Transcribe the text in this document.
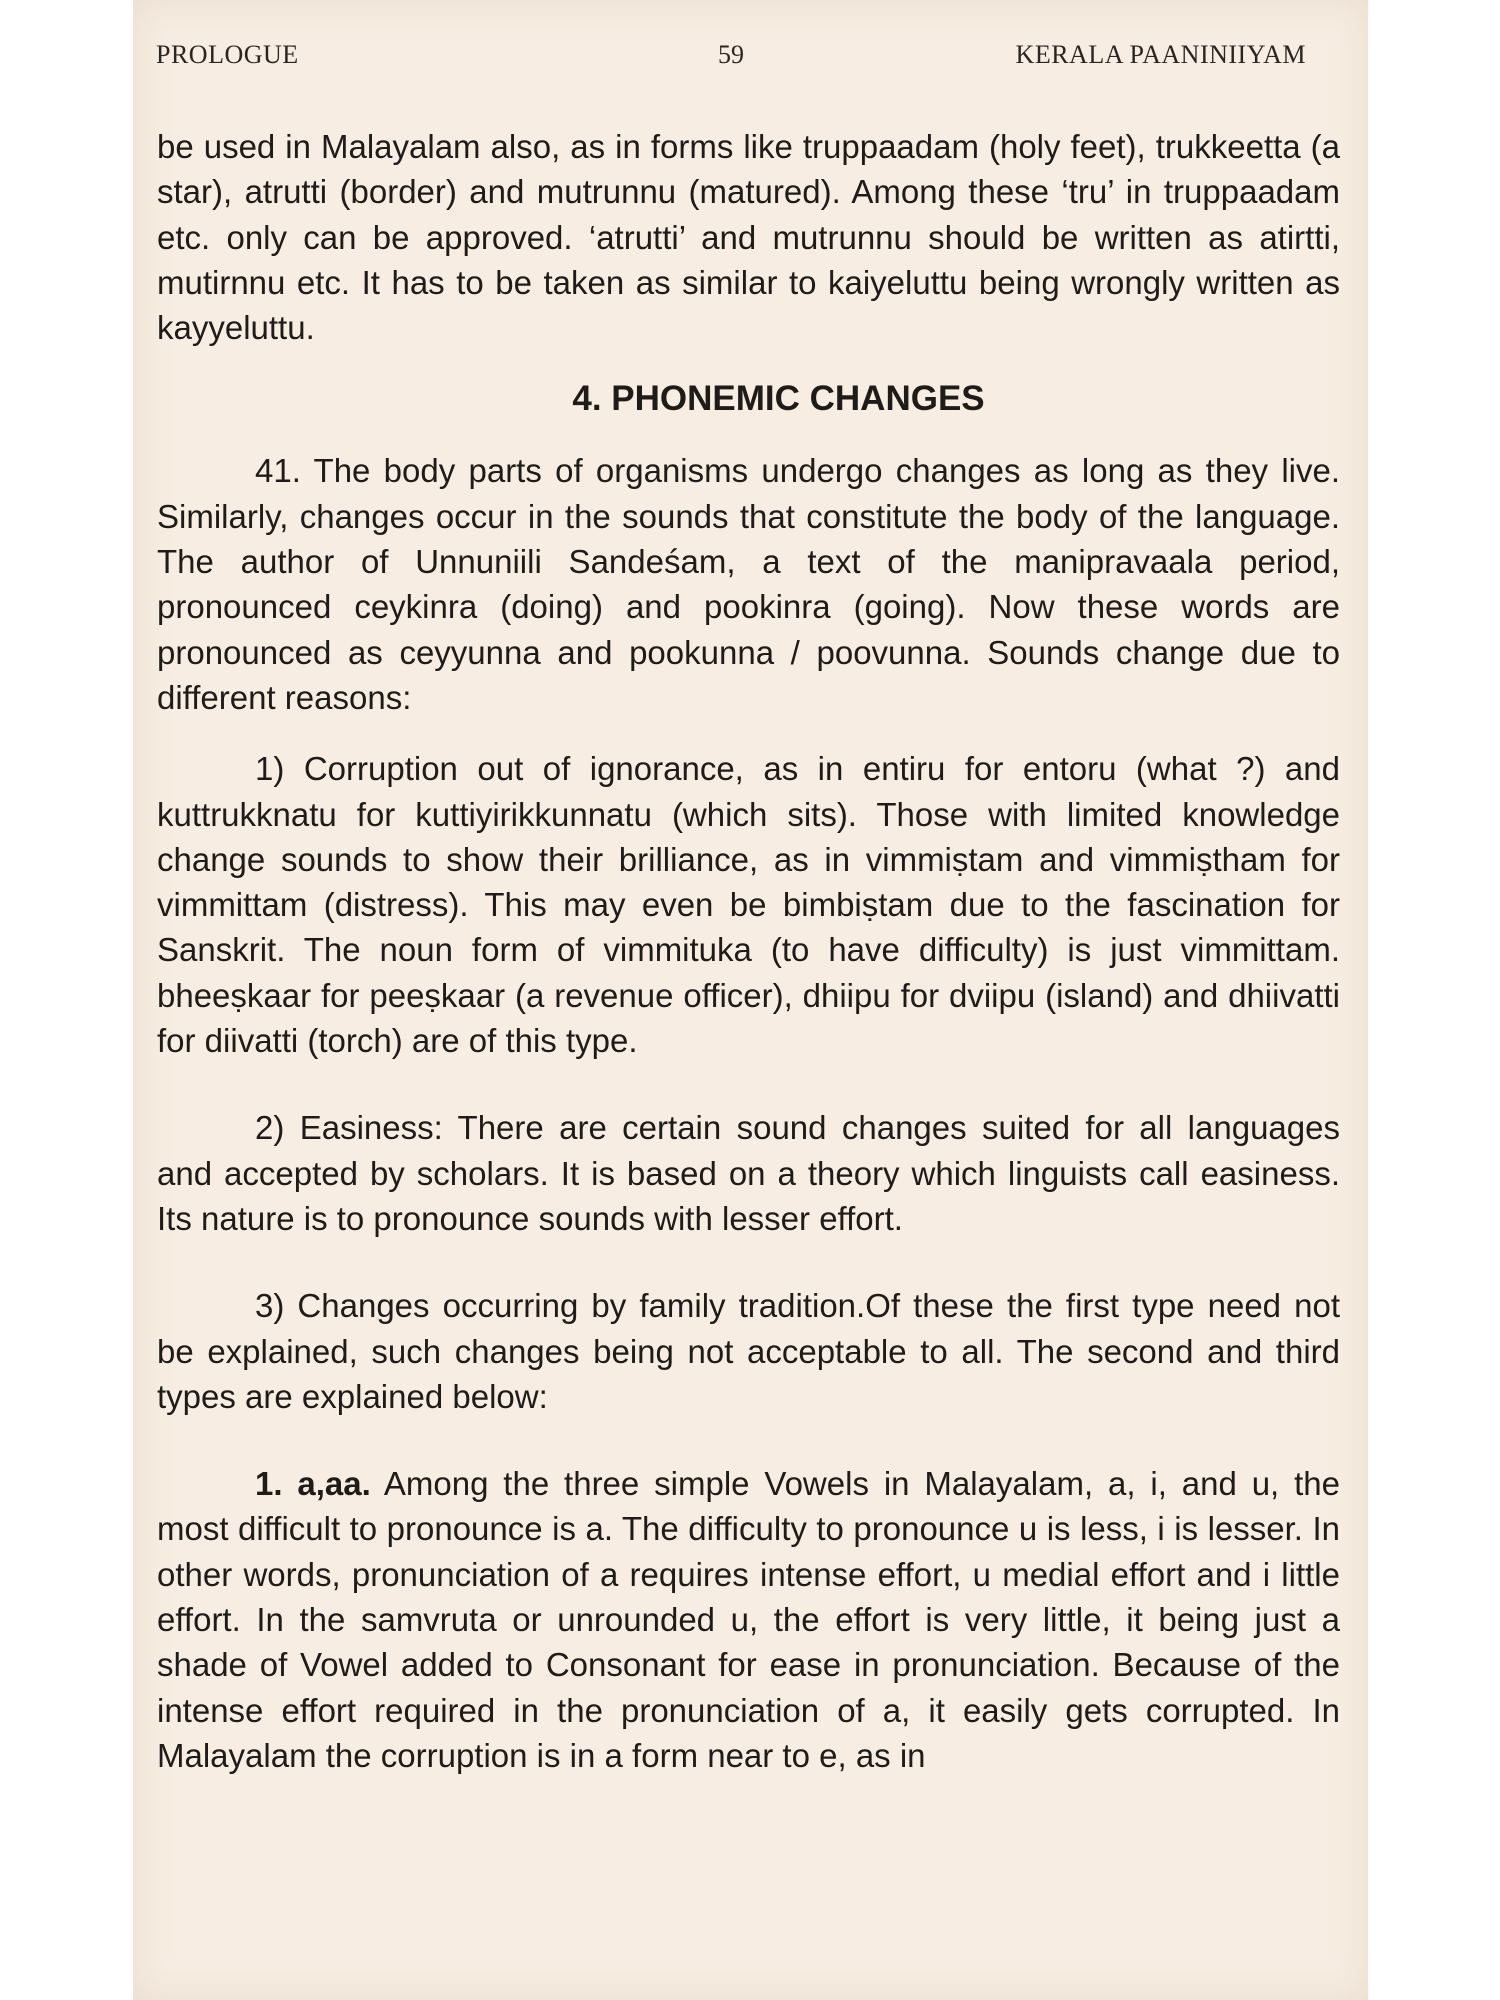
PROLOGUE	59	KERALA PAANINIIYAM

be used in Malayalam also, as in forms like truppaadam (holy feet), trukkeetta (a star), atrutti (border) and mutrunnu (matured). Among these ‘tru’ in truppaadam etc. only can be approved. ‘atrutti’ and mutrunnu should be written as atirtti, mutirnnu etc. It has to be taken as similar to kaiyeluttu being wrongly written as kayyeluttu.

4. PHONEMIC CHANGES

41. The body parts of organisms undergo changes as long as they live. Similarly, changes occur in the sounds that constitute the body of the language. The author of Unnuniili Sandeśam, a text of the manipravaala period, pronounced ceykinra (doing) and pookinra (going). Now these words are pronounced as ceyyunna and pookunna / poovunna. Sounds change due to different reasons:

1) Corruption out of ignorance, as in entiru for entoru (what ?) and kuttrukknatu for kuttiyirikkunnatu (which sits). Those with limited knowledge change sounds to show their brilliance, as in vimmiṣtam and vimmiṣtham for vimmittam (distress). This may even be bimbiṣtam due to the fascination for Sanskrit. The noun form of vimmituka (to have difficulty) is just vimmittam. bheeṣkaar for peeṣkaar (a revenue officer), dhiipu for dviipu (island) and dhiivatti for diivatti (torch) are of this type.

2) Easiness: There are certain sound changes suited for all languages and accepted by scholars. It is based on a theory which linguists call easiness. Its nature is to pronounce sounds with lesser effort.

3) Changes occurring by family tradition.Of these the first type need not be explained, such changes being not acceptable to all. The second and third types are explained below:

1. a,aa. Among the three simple Vowels in Malayalam, a, i, and u, the most difficult to pronounce is a. The difficulty to pronounce u is less, i is lesser. In other words, pronunciation of a requires intense effort, u medial effort and i little effort. In the samvruta or unrounded u, the effort is very little, it being just a shade of Vowel added to Consonant for ease in pronunciation. Because of the intense effort required in the pronunciation of a, it easily gets corrupted. In Malayalam the corruption is in a form near to e, as in
